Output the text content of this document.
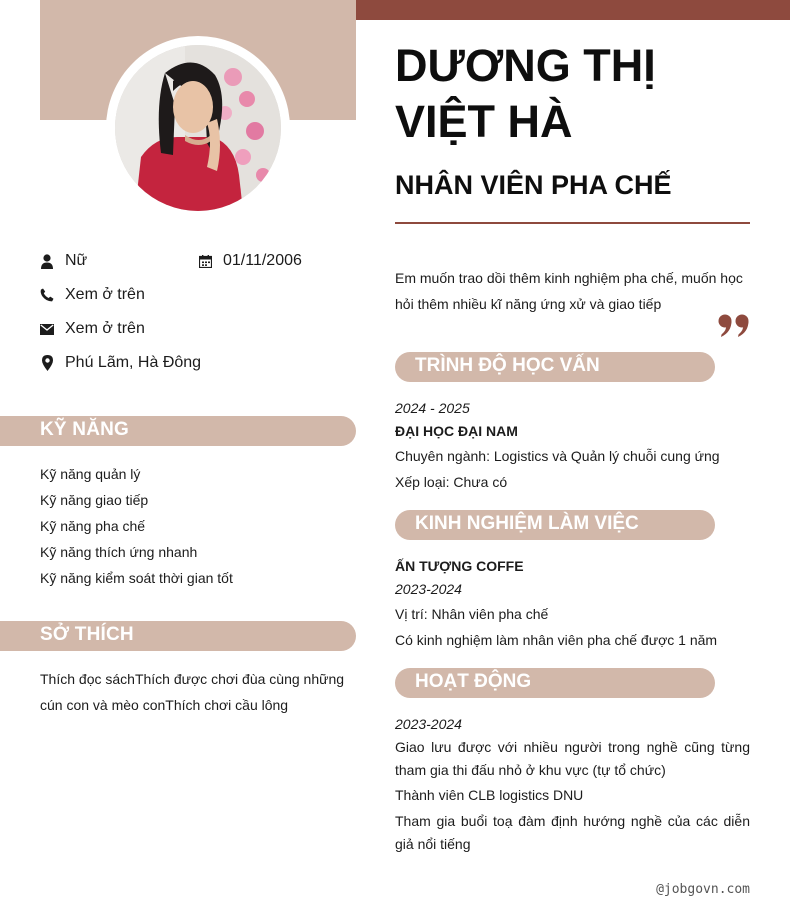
Nữ	01/11/2006
Xem ở trên
Xem ở trên
Phú Lãm, Hà Đông
KỸ NĂNG
Kỹ năng quản lý
Kỹ năng giao tiếp
Kỹ năng pha chế
Kỹ năng thích ứng nhanh
Kỹ năng kiểm soát thời gian tốt
SỞ THÍCH
Thích đọc sáchThích được chơi đùa cùng những cún con và mèo conThích chơi cầu lông
DƯƠNG THỊ VIỆT HÀ
NHÂN VIÊN PHA CHẾ
Em muốn trao dồi thêm kinh nghiệm pha chế, muốn học hỏi thêm nhiều kĩ năng ứng xử và giao tiếp
TRÌNH ĐỘ HỌC VẤN
2024 - 2025
ĐẠI HỌC ĐẠI NAM
Chuyên ngành: Logistics và Quản lý chuỗi cung ứng
Xếp loại: Chưa có
KINH NGHIỆM LÀM VIỆC
ẤN TƯỢNG COFFE
2023-2024
Vị trí: Nhân viên pha chế
Có kinh nghiệm làm nhân viên pha chế được 1 năm
HOẠT ĐỘNG
2023-2024
Giao lưu được với nhiều người trong nghề cũng từng tham gia thi đấu nhỏ ở khu vực (tự tổ chức)
Thành viên CLB logistics DNU
Tham gia buổi toạ đàm định hướng nghề của các diễn giả nổi tiếng
@jobgovn.com
